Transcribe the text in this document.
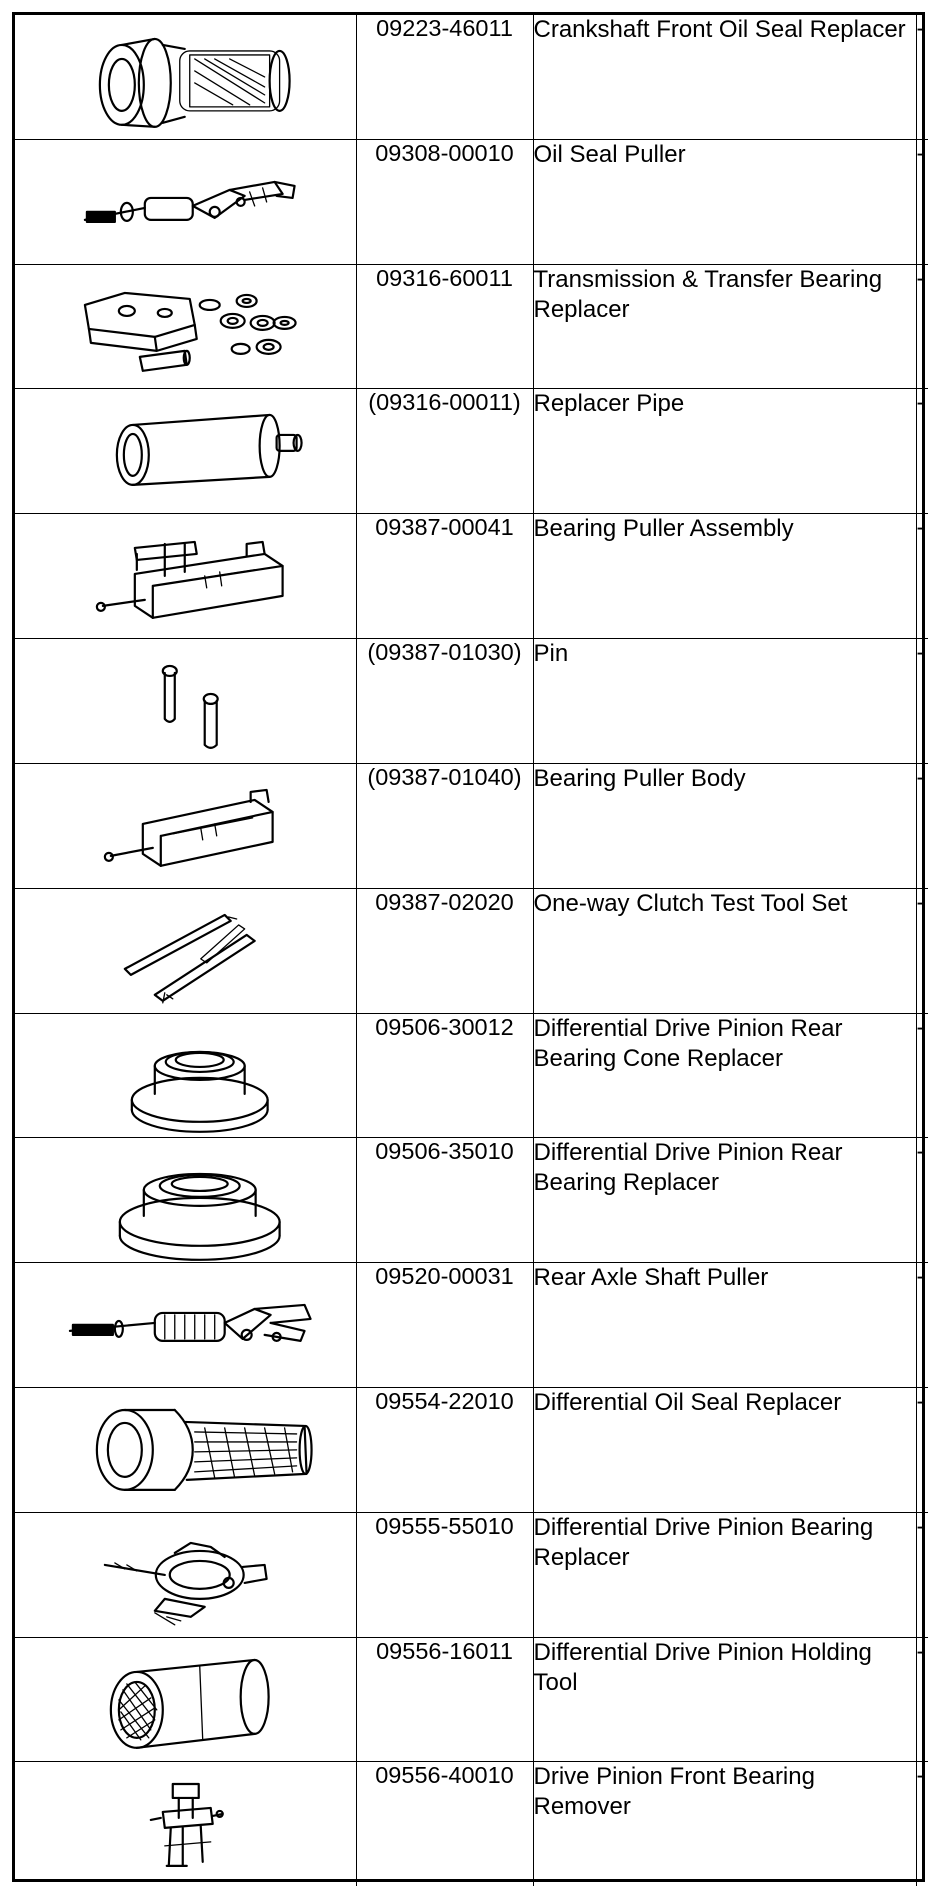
	09223-46011	Crankshaft Front Oil Seal Replacer	-

	09308-00010	Oil Seal Puller	-

	09316-60011	Transmission & Transfer Bearing Replacer	-

	(09316-00011)	Replacer Pipe	-

	09387-00041	Bearing Puller Assembly	-

	(09387-01030)	Pin	-

	(09387-01040)	Bearing Puller Body	-

	09387-02020	One-way Clutch Test Tool Set	-

	09506-30012	Differential Drive Pinion Rear Bearing Cone Replacer	-

	09506-35010	Differential Drive Pinion Rear Bearing Replacer	-

	09520-00031	Rear Axle Shaft Puller	-

	09554-22010	Differential Oil Seal Replacer	-

	09555-55010	Differential Drive Pinion Bearing Replacer	-

	09556-16011	Differential Drive Pinion Holding Tool	-

	09556-40010	Drive Pinion Front Bearing Remover	-
